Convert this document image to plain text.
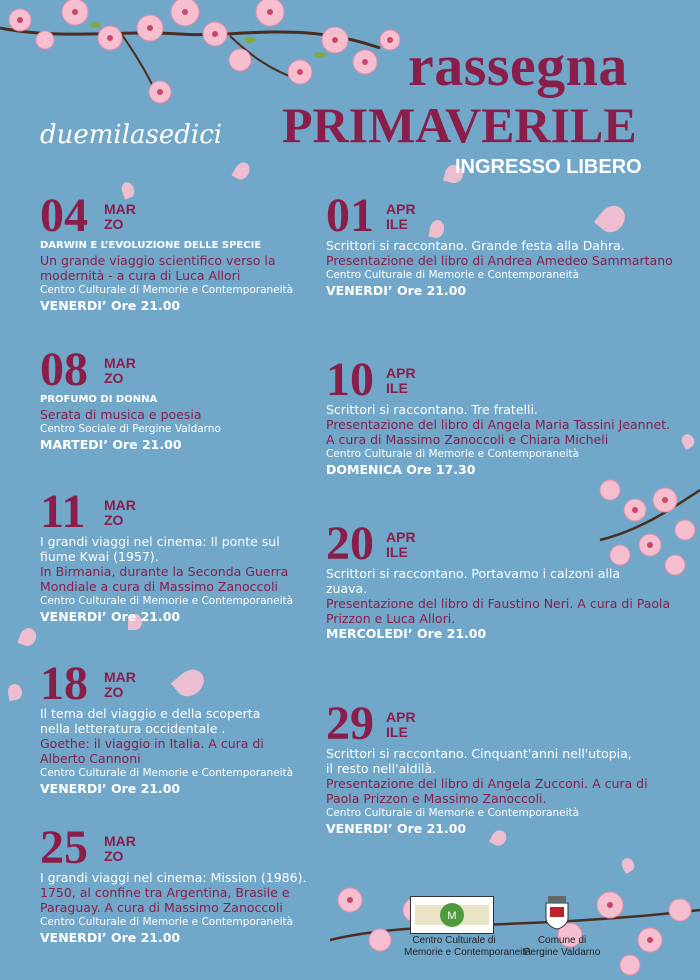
rassegna
duemilasedici PRIMAVERILE
INGRESSO LIBERO
04 MAR
ZO
DARWIN E L’EVOLUZIONE DELLE SPECIE
Un grande viaggio scientifico verso la
modernità - a cura di Luca Allori
Centro Culturale di Memorie e Contemporaneità
VENERDI’ Ore 21.00
08 MAR
ZO
PROFUMO DI DONNA
Serata di musica e poesia
Centro Sociale di Pergine Valdarno
MARTEDI’ Ore 21.00
11 MAR
ZO
I grandi viaggi nel cinema: Il ponte sul
fiume Kwai (1957).
In Birmania, durante la Seconda Guerra
Mondiale a cura di Massimo Zanoccoli
Centro Culturale di Memorie e Contemporaneità
VENERDI’ Ore 21.00
18 MAR
ZO
Il tema del viaggio e della scoperta
nella letteratura occidentale .
Goethe: il viaggio in Italia. A cura di
Alberto Cannoni
Centro Culturale di Memorie e Contemporaneità
VENERDI’ Ore 21.00
25 MAR
ZO
I grandi viaggi nel cinema: Mission (1986).
1750, al confine tra Argentina, Brasile e
Paraguay. A cura di Massimo Zanoccoli
Centro Culturale di Memorie e Contemporaneità
VENERDI’ Ore 21.00
01 APR
ILE
Scrittori si raccontano. Grande festa alla Dahra.
Presentazione del libro di Andrea Amedeo Sammartano
Centro Culturale di Memorie e Contemporaneità
VENERDI’ Ore 21.00
10 APR
ILE
Scrittori si raccontano. Tre fratelli.
Presentazione del libro di Angela Maria Tassini Jeannet.
A cura di Massimo Zanoccoli e Chiara Micheli
Centro Culturale di Memorie e Contemporaneità
DOMENICA Ore 17.30
20 APR
ILE
Scrittori si raccontano. Portavamo i calzoni alla
zuava.
Presentazione del libro di Faustino Neri. A cura di Paola
Prizzon e Luca Allori.
MERCOLEDI’ Ore 21.00
29 APR
ILE
Scrittori si raccontano. Cinquant'anni nell'utopia,
il resto nell'aldilà.
Presentazione del libro di Angela Zucconi. A cura di
Paola Prizzon e Massimo Zanoccoli.
Centro Culturale di Memorie e Contemporaneità
VENERDI’ Ore 21.00
M
Centro Culturale di
Memorie e Contemporaneità
Comune di
Pergine Valdarno
